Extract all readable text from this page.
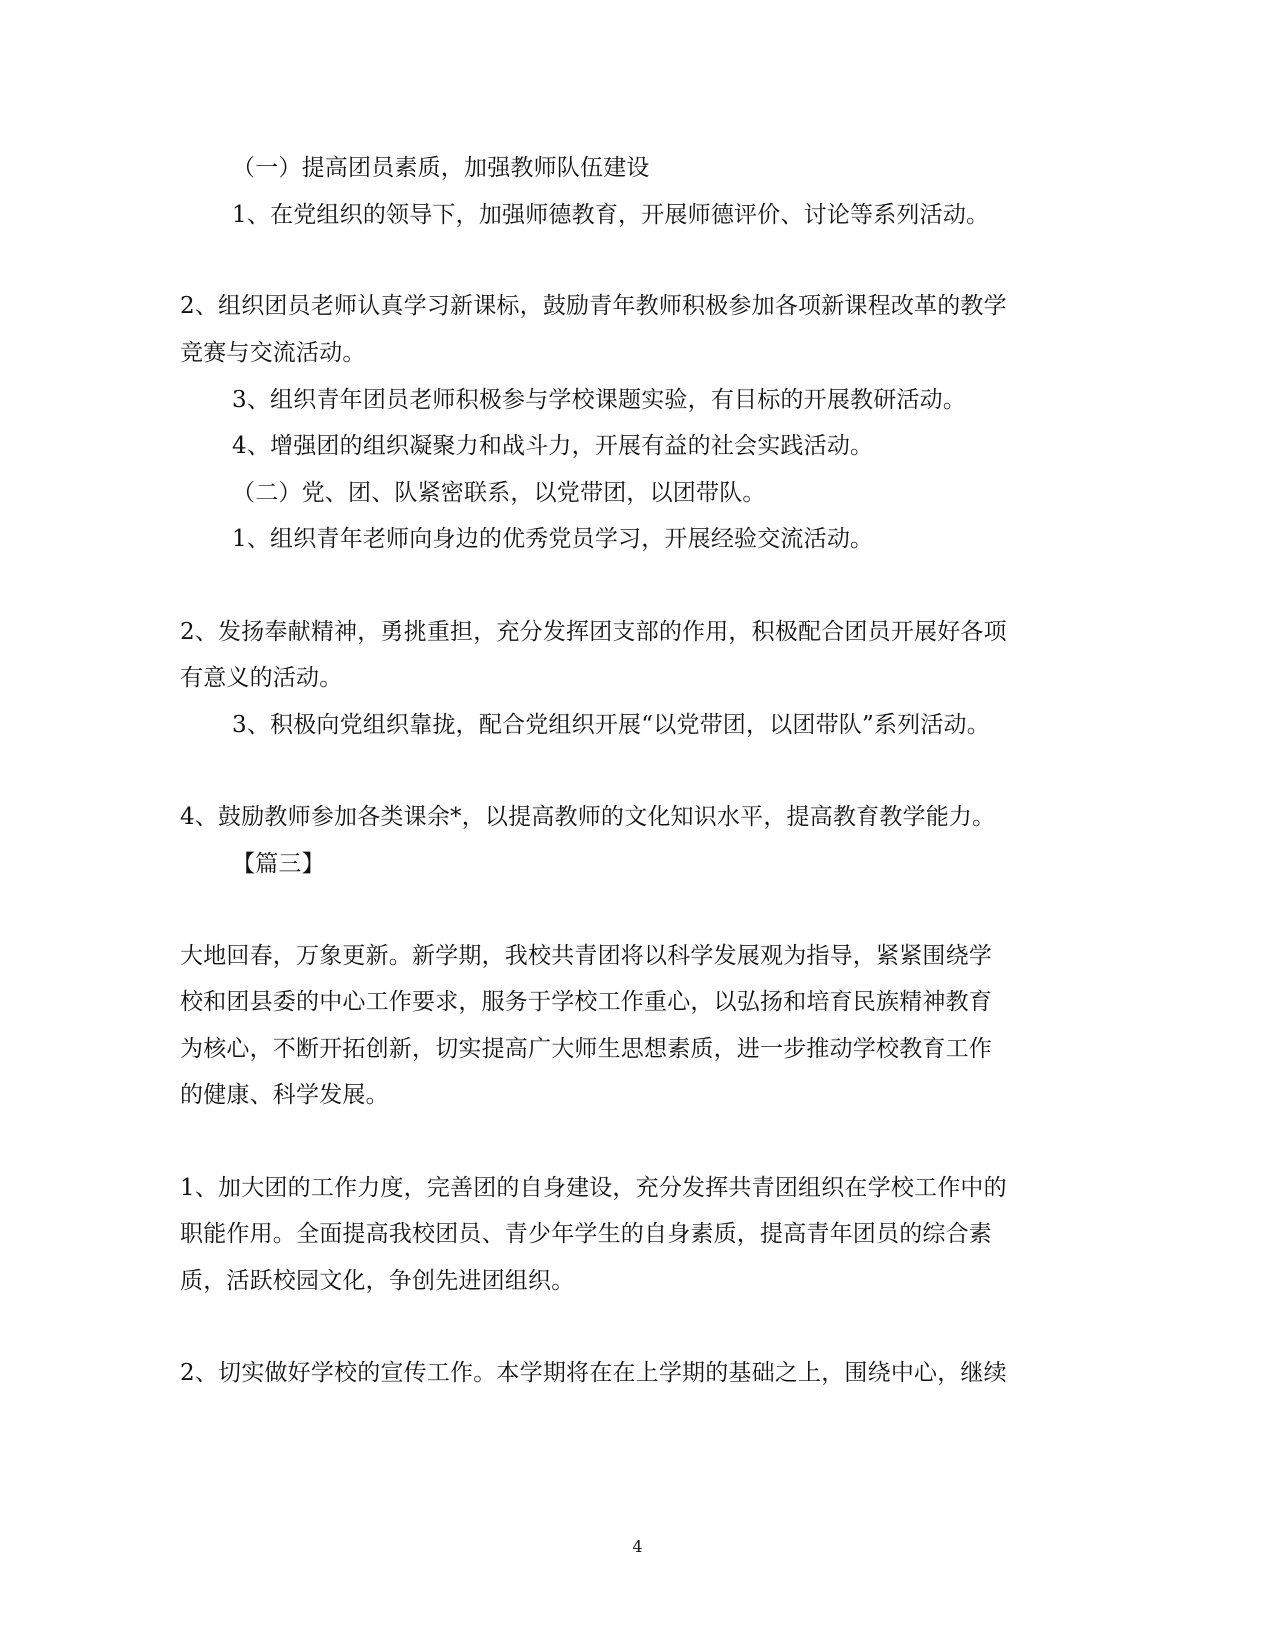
（一）提高团员素质，加强教师队伍建设
1、在党组织的领导下，加强师德教育，开展师德评价、讨论等系列活动。
2、组织团员老师认真学习新课标，鼓励青年教师积极参加各项新课程改革的教学
竞赛与交流活动。
3、组织青年团员老师积极参与学校课题实验，有目标的开展教研活动。
4、增强团的组织凝聚力和战斗力，开展有益的社会实践活动。
（二）党、团、队紧密联系，以党带团，以团带队。
1、组织青年老师向身边的优秀党员学习，开展经验交流活动。
2、发扬奉献精神，勇挑重担，充分发挥团支部的作用，积极配合团员开展好各项
有意义的活动。
3、积极向党组织靠拢，配合党组织开展“以党带团，以团带队”系列活动。
4、鼓励教师参加各类课余*，以提高教师的文化知识水平，提高教育教学能力。
【篇三】
大地回春，万象更新。新学期，我校共青团将以科学发展观为指导，紧紧围绕学
校和团县委的中心工作要求，服务于学校工作重心，以弘扬和培育民族精神教育
为核心，不断开拓创新，切实提高广大师生思想素质，进一步推动学校教育工作
的健康、科学发展。
1、加大团的工作力度，完善团的自身建设，充分发挥共青团组织在学校工作中的
职能作用。全面提高我校团员、青少年学生的自身素质，提高青年团员的综合素
质，活跃校园文化，争创先进团组织。
2、切实做好学校的宣传工作。本学期将在在上学期的基础之上，围绕中心，继续
4
